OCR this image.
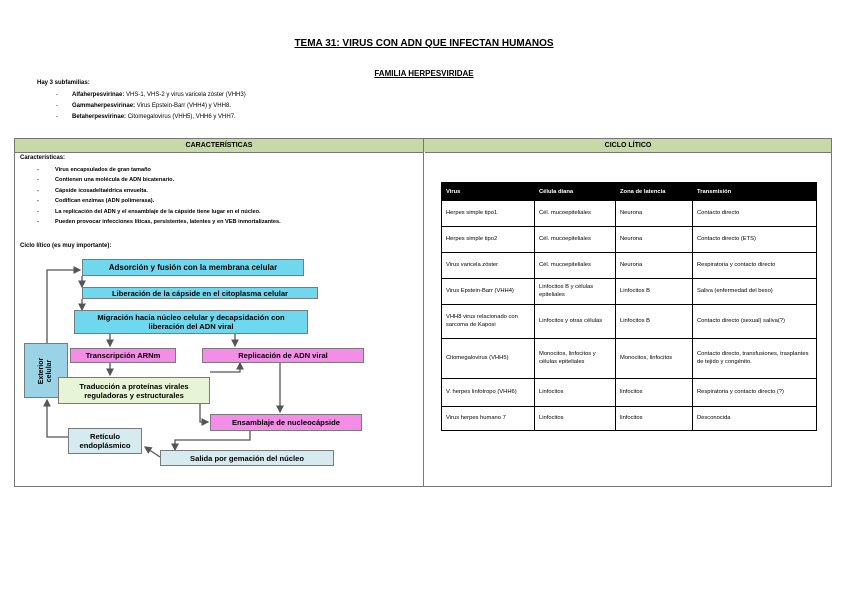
TEMA 31: VIRUS CON ADN QUE INFECTAN HUMANOS
FAMILIA HERPESVIRIDAE
Hay 3 subfamilias:
- Alfaherpesvirinae: VHS-1, VHS-2 y virus varicela zóster (VHH3)
- Gammaherpesvirinae: Virus Epstein-Barr (VHH4) y VHH8.
- Betaherpesvirinae: Citomegalovirus (VHH5), VHH6 y VHH7.
CARACTERÍSTICAS	CICLO LÍTICO
Características:
-	Virus encapsulados de gran tamaño
-	Contienen una molécula de ADN bicatenario.
-	Cápside icosadeltaédrica envuelta.
-	Codifican enzimas (ADN polimerasa).
-	La replicación del ADN y el ensamblaje de la cápside tiene lugar en el núcleo.
-	Pueden provocar infecciones líticas, persistentes, latentes y en VEB inmortalizantes.
Ciclo lítico (es muy importante):
Exterior celular
Adsorción y fusión con la membrana celular
Liberación de la cápside en el citoplasma celular
Migración hacia núcleo celular y decapsidación con liberación del ADN viral
Transcripción ARNm	Replicación de ADN viral
Traducción a proteínas virales reguladoras y estructurales
Ensamblaje de nucleocápside
Retículo endoplásmico
Salida por gemación del núcleo
Virus	Célula diana	Zona de latencia	Transmisión
Herpes simple tipo1	Cél. mucoepiteliales	Neurona	Contacto directo
Herpes simple tipo2	Cél. mucoepiteliales	Neurona	Contacto directo (ETS)
Virus varicela zóster	Cél. mucoepiteliales	Neurona	Respiratoria y contacto directo
Virus Epstein-Barr (VHH4)	Linfocitos B y células epiteliales	Linfocitos B	Saliva (enfermedad del beso)
VHH8 virus relacionado con sarcoma de Kaposi	Linfocitos y otras células	Linfocitos B	Contacto directo (sexual) saliva(?)
Citomegalovirus (VHH5)	Monocitos, linfocitos y células epiteliales	Monocitos, linfocitos	Contacto directo, transfusiones, trasplantes de tejido y congénito.
V. herpes linfotropo (VHH6)	Linfocitos	linfocitos	Respiratoria y contacto directo (?)
Virus herpes humano 7	Linfocitos	linfocitos	Desconocida
